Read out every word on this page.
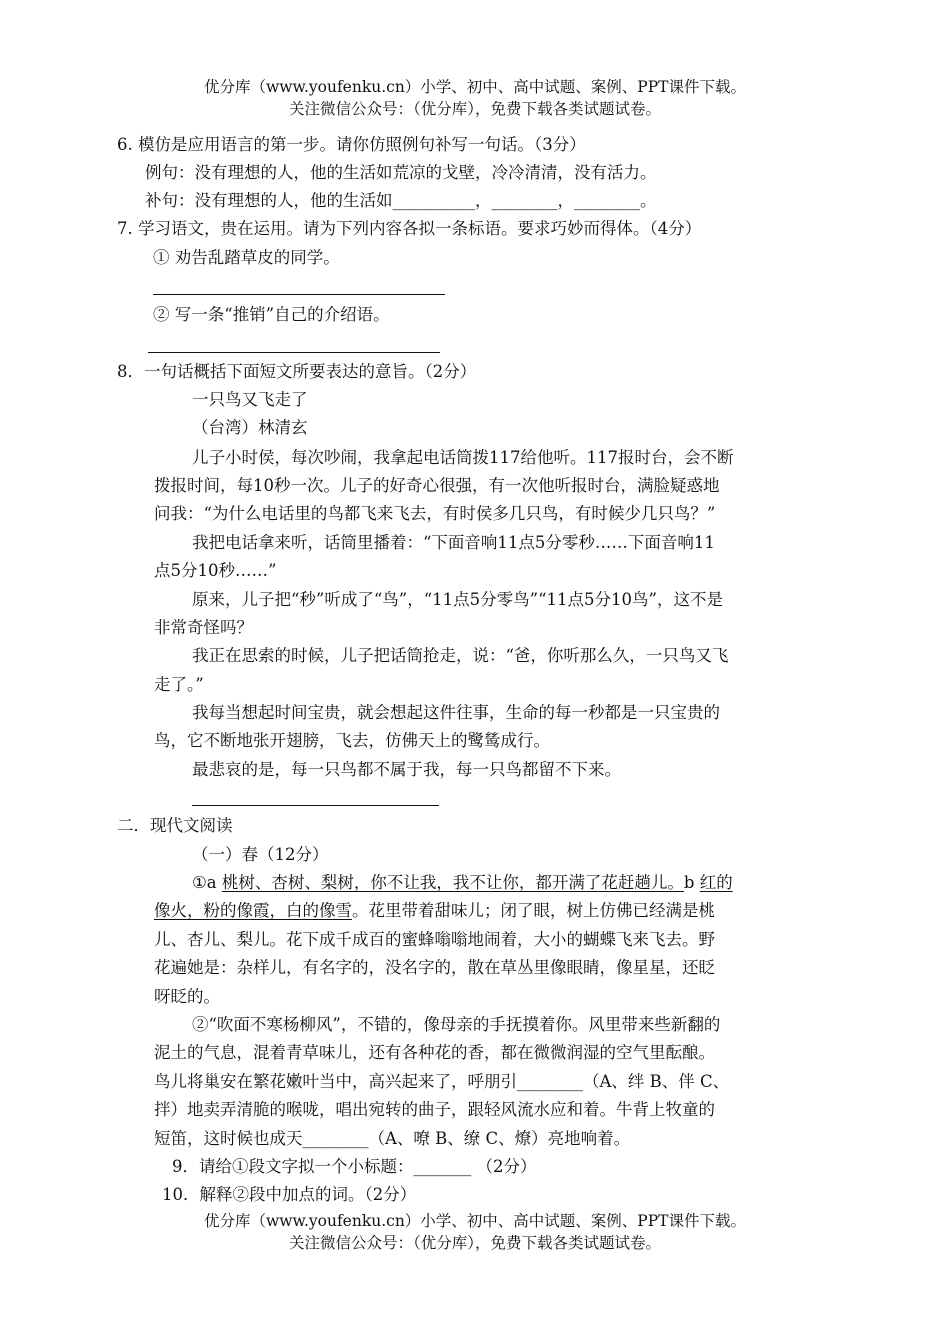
优分库（www.youfenku.cn）小学、初中、高中试题、案例、PPT课件下载。
关注微信公众号：（优分库），免费下载各类试题试卷。
6. 模仿是应用语言的第一步。请你仿照例句补写一句话。（3分）
例句：没有理想的人，他的生活如荒凉的戈壁，冷冷清清，没有活力。
补句：没有理想的人，他的生活如__________，________，________。
7. 学习语文，贵在运用。请为下列内容各拟一条标语。要求巧妙而得体。（4分）
① 劝告乱踏草皮的同学。
② 写一条“推销”自己的介绍语。
8．一句话概括下面短文所要表达的意旨。（2分）
一只鸟又飞走了
（台湾）林清玄
儿子小时侯，每次吵闹，我拿起电话筒拨117给他听。117报时台，会不断
拨报时间，每10秒一次。儿子的好奇心很强，有一次他听报时台，满脸疑惑地
问我：“为什么电话里的鸟都飞来飞去，有时侯多几只鸟，有时候少几只鸟？”
我把电话拿来听，话筒里播着：“下面音响11点5分零秒……下面音响11
点5分10秒……”
原来，儿子把“秒”听成了“鸟”，“11点5分零鸟”“11点5分10鸟”，这不是
非常奇怪吗？
我正在思索的时候，儿子把话筒抢走，说：“爸，你听那么久，一只鸟又飞
走了。”
我每当想起时间宝贵，就会想起这件往事，生命的每一秒都是一只宝贵的
鸟，它不断地张开翅膀，飞去，仿佛天上的鹭鸶成行。
最悲哀的是，每一只鸟都不属于我，每一只鸟都留不下来。
二．现代文阅读
（一）春（12分）
①a 桃树、杏树、梨树，你不让我，我不让你，都开满了花赶趟儿。b 红的
像火，粉的像霞，白的像雪。花里带着甜味儿；闭了眼，树上仿佛已经满是桃
儿、杏儿、梨儿。花下成千成百的蜜蜂嗡嗡地闹着，大小的蝴蝶飞来飞去。野
花遍她是：杂样儿，有名字的，没名字的，散在草丛里像眼睛，像星星，还眨
呀眨的。
②“吹面不寒杨柳风”，不错的，像母亲的手抚摸着你。风里带来些新翻的
泥土的气息，混着青草味儿，还有各种花的香，都在微微润湿的空气里酝酿。
鸟儿将巢安在繁花嫩叶当中，高兴起来了，呼朋引________（A、绊 B、伴 C、
拌）地卖弄清脆的喉咙，唱出宛转的曲子，跟轻风流水应和着。牛背上牧童的
短笛，这时候也成天________（A、嘹 B、缭 C、燎）亮地响着。
9．请给①段文字拟一个小标题：_______ （2分）
10．解释②段中加点的词。（2分）
优分库（www.youfenku.cn）小学、初中、高中试题、案例、PPT课件下载。
关注微信公众号：（优分库），免费下载各类试题试卷。
